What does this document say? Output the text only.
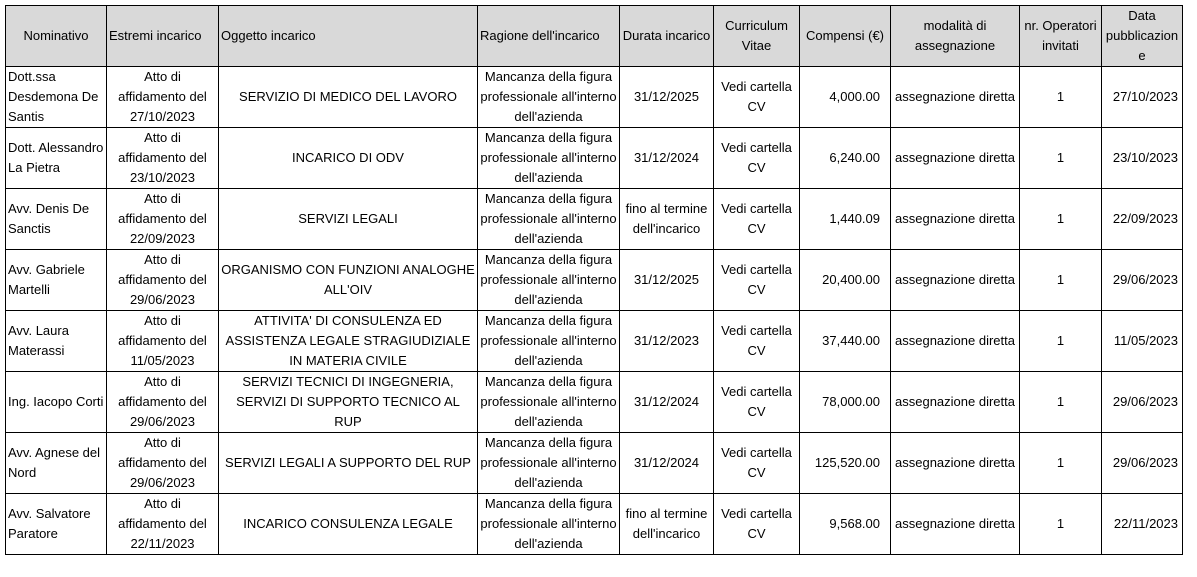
Nominativo	Estremi incarico	Oggetto incarico	Ragione dell'incarico	Durata incarico	Curriculum Vitae	Compensi (€)	modalità di assegnazione	nr. Operatori invitati	Data pubblicazione
Dott.ssa Desdemona De Santis	Atto di affidamento del 27/10/2023	SERVIZIO DI MEDICO DEL LAVORO	Mancanza della figura professionale all'interno dell'azienda	31/12/2025	Vedi cartella CV	4,000.00	assegnazione diretta	1	27/10/2023
Dott. Alessandro La Pietra	Atto di affidamento del 23/10/2023	INCARICO DI ODV	Mancanza della figura professionale all'interno dell'azienda	31/12/2024	Vedi cartella CV	6,240.00	assegnazione diretta	1	23/10/2023
Avv. Denis De Sanctis	Atto di affidamento del 22/09/2023	SERVIZI LEGALI	Mancanza della figura professionale all'interno dell'azienda	fino al termine dell'incarico	Vedi cartella CV	1,440.09	assegnazione diretta	1	22/09/2023
Avv. Gabriele Martelli	Atto di affidamento del 29/06/2023	ORGANISMO CON FUNZIONI ANALOGHE ALL'OIV	Mancanza della figura professionale all'interno dell'azienda	31/12/2025	Vedi cartella CV	20,400.00	assegnazione diretta	1	29/06/2023
Avv. Laura Materassi	Atto di affidamento del 11/05/2023	ATTIVITA' DI CONSULENZA ED ASSISTENZA LEGALE STRAGIUDIZIALE IN MATERIA CIVILE	Mancanza della figura professionale all'interno dell'azienda	31/12/2023	Vedi cartella CV	37,440.00	assegnazione diretta	1	11/05/2023
Ing. Iacopo Corti	Atto di affidamento del 29/06/2023	SERVIZI TECNICI DI INGEGNERIA, SERVIZI DI SUPPORTO TECNICO AL RUP	Mancanza della figura professionale all'interno dell'azienda	31/12/2024	Vedi cartella CV	78,000.00	assegnazione diretta	1	29/06/2023
Avv. Agnese del Nord	Atto di affidamento del 29/06/2023	SERVIZI LEGALI A SUPPORTO DEL RUP	Mancanza della figura professionale all'interno dell'azienda	31/12/2024	Vedi cartella CV	125,520.00	assegnazione diretta	1	29/06/2023
Avv. Salvatore Paratore	Atto di affidamento del 22/11/2023	INCARICO CONSULENZA LEGALE	Mancanza della figura professionale all'interno dell'azienda	fino al termine dell'incarico	Vedi cartella CV	9,568.00	assegnazione diretta	1	22/11/2023
